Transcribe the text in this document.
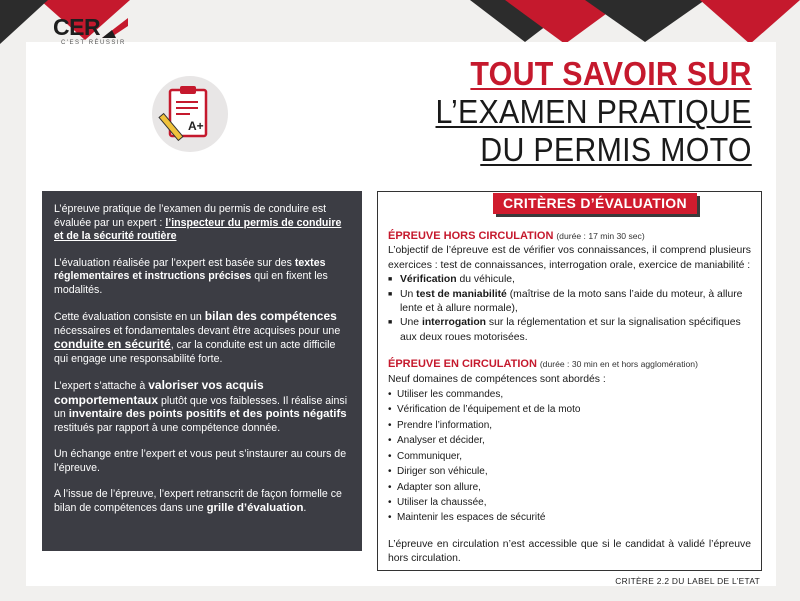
CER
C'EST RÉUSSIR
A+
TOUT SAVOIR SUR
L’EXAMEN PRATIQUE
DU PERMIS MOTO

L’épreuve pratique de l’examen du permis de conduire est évaluée par un expert : l’inspecteur du permis de conduire et de la sécurité routière

L’évaluation réalisée par l’expert est basée sur des textes réglementaires et instructions précises qui en fixent les modalités.

Cette évaluation consiste en un bilan des compétences nécessaires et fondamentales devant être acquises pour une conduite en sécurité, car la conduite est un acte difficile qui engage une responsabilité forte.

L’expert s’attache à valoriser vos acquis comportementaux plutôt que vos faiblesses. Il réalise ainsi un inventaire des points positifs et des points négatifs restitués par rapport à une compétence donnée.

Un échange entre l’expert et vous peut s’instaurer au cours de l’épreuve.

A l’issue de l’épreuve, l’expert retranscrit de façon formelle ce bilan de compétences dans une grille d’évaluation.

CRITÈRES D’ÉVALUATION
ÉPREUVE HORS CIRCULATION (durée : 17 min 30 sec)
L’objectif de l’épreuve est de vérifier vos connaissances, il comprend plusieurs exercices : test de connaissances, interrogation orale, exercice de maniabilité :
■ Vérification du véhicule,
■ Un test de maniabilité (maîtrise de la moto sans l’aide du moteur, à allure lente et à allure normale),
■ Une interrogation sur la réglementation et sur la signalisation spécifiques aux deux roues motorisées.
ÉPREUVE EN CIRCULATION (durée : 30 min en et hors agglomération)
Neuf domaines de compétences sont abordés :
• Utiliser les commandes,
• Vérification de l’équipement et de la moto
• Prendre l’information,
• Analyser et décider,
• Communiquer,
• Diriger son véhicule,
• Adapter son allure,
• Utiliser la chaussée,
• Maintenir les espaces de sécurité
L’épreuve en circulation n’est accessible que si le candidat à validé l’épreuve hors circulation.
CRITÈRE 2.2 DU LABEL DE L’ETAT
